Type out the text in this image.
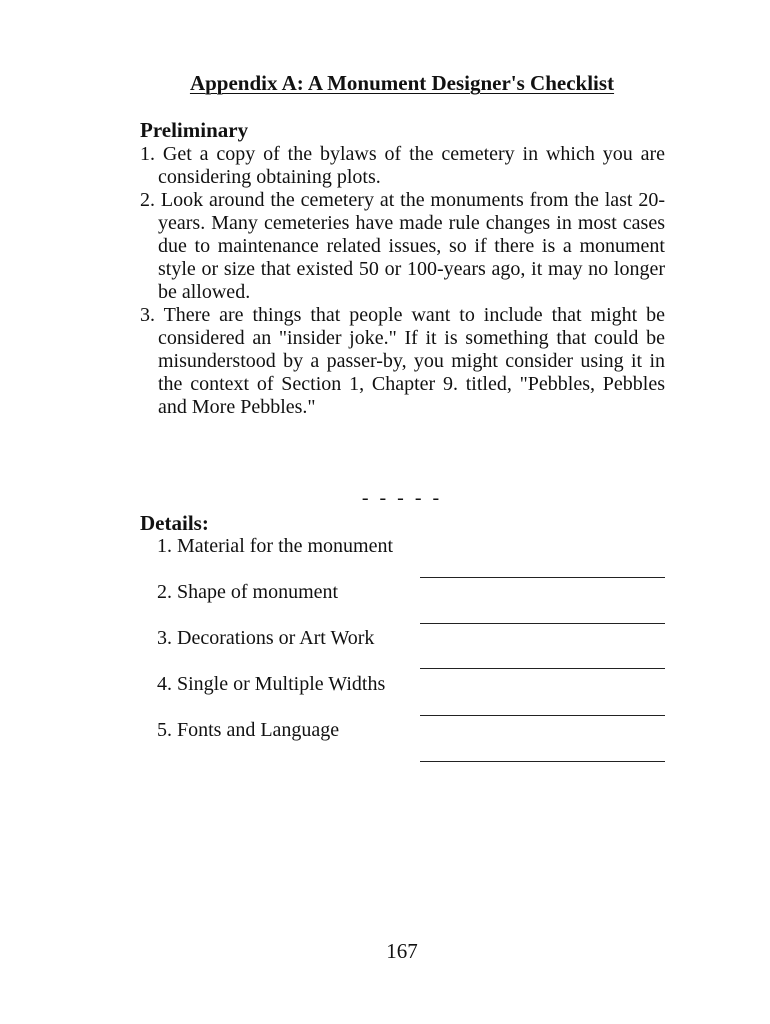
Appendix A: A Monument Designer's Checklist
Preliminary
1. Get a copy of the bylaws of the cemetery in which you are considering obtaining plots.
2. Look around the cemetery at the monuments from the last 20-years. Many cemeteries have made rule changes in most cases due to maintenance related issues, so if there is a monument style or size that existed 50 or 100-years ago, it may no longer be allowed.
3. There are things that people want to include that might be considered an "insider joke." If it is something that could be misunderstood by a passer-by, you might consider using it in the context of Section 1, Chapter 9. titled, "Pebbles, Pebbles and More Pebbles."
- - - - -
Details:
1. Material for the monument
2. Shape of monument
3. Decorations or Art Work
4. Single or Multiple Widths
5. Fonts and Language
167
